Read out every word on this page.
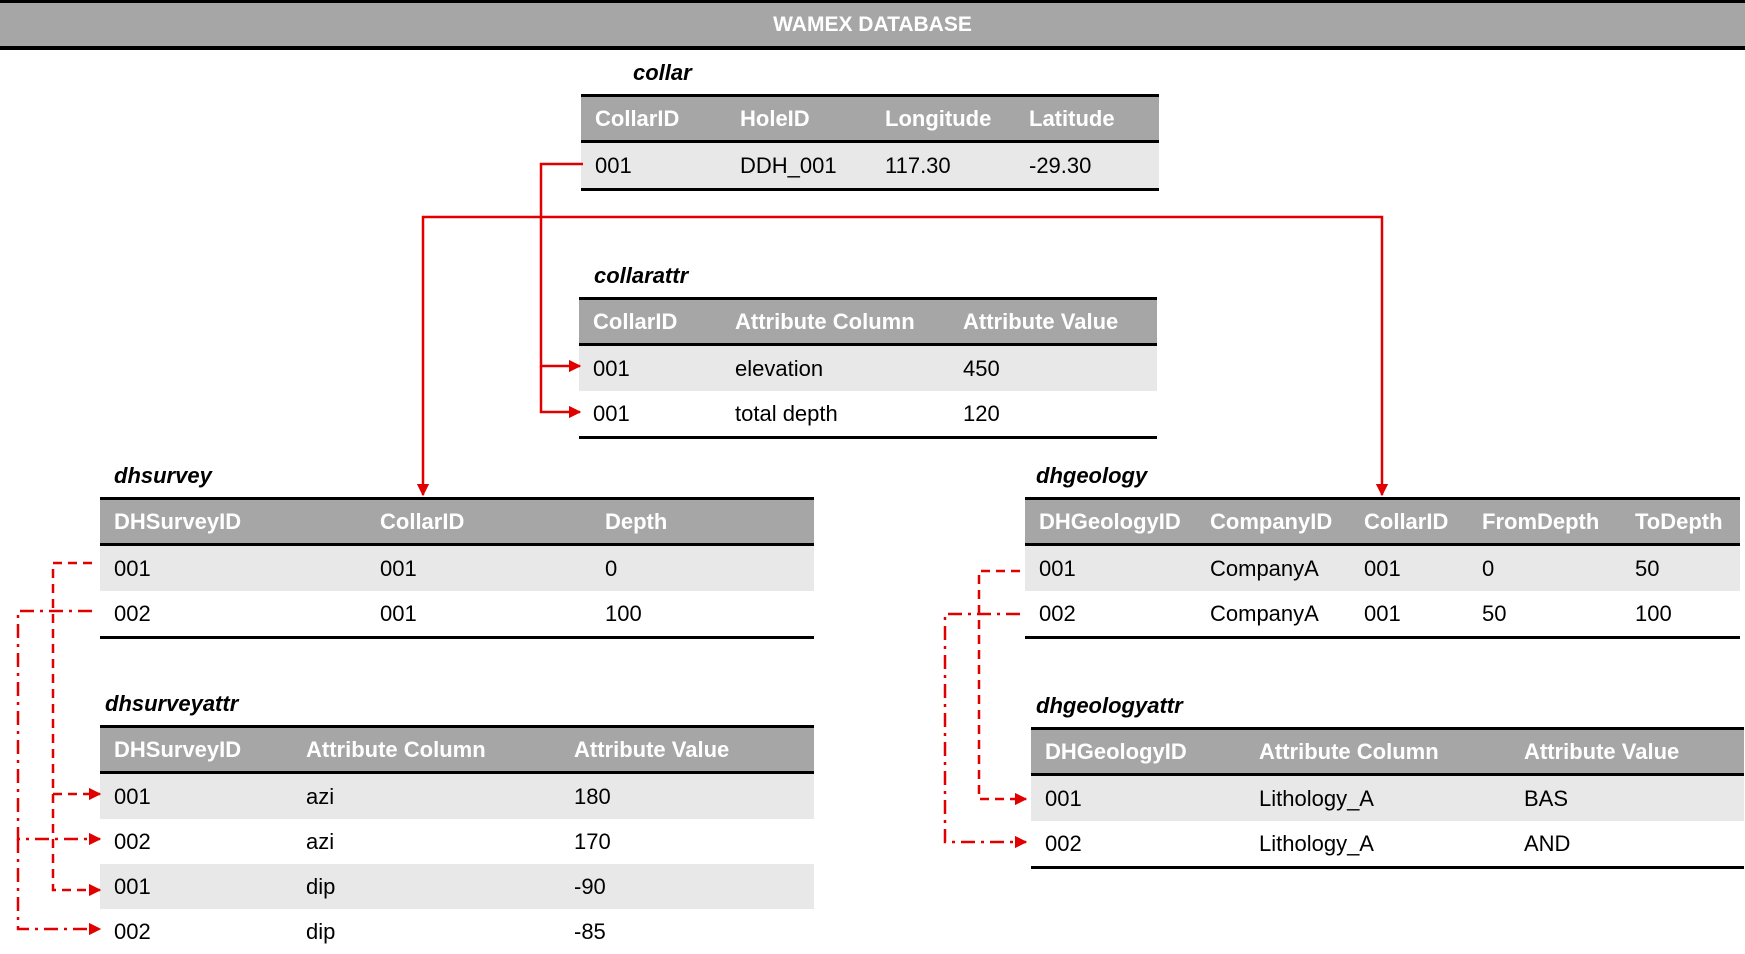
WAMEX DATABASE
collar
CollarID	HoleID	Longitude	Latitude
001	DDH_001	117.30	-29.30
collarattr
CollarID	Attribute Column	Attribute Value
001	elevation	450
001	total depth	120
dhsurvey
DHSurveyID	CollarID	Depth
001	001	0
002	001	100
dhgeology
DHGeologyID	CompanyID	CollarID	FromDepth	ToDepth
001	CompanyA	001	0	50
002	CompanyA	001	50	100
dhsurveyattr
DHSurveyID	Attribute Column	Attribute Value
001	azi	180
002	azi	170
001	dip	-90
002	dip	-85
dhgeologyattr
DHGeologyID	Attribute Column	Attribute Value
001	Lithology_A	BAS
002	Lithology_A	AND
